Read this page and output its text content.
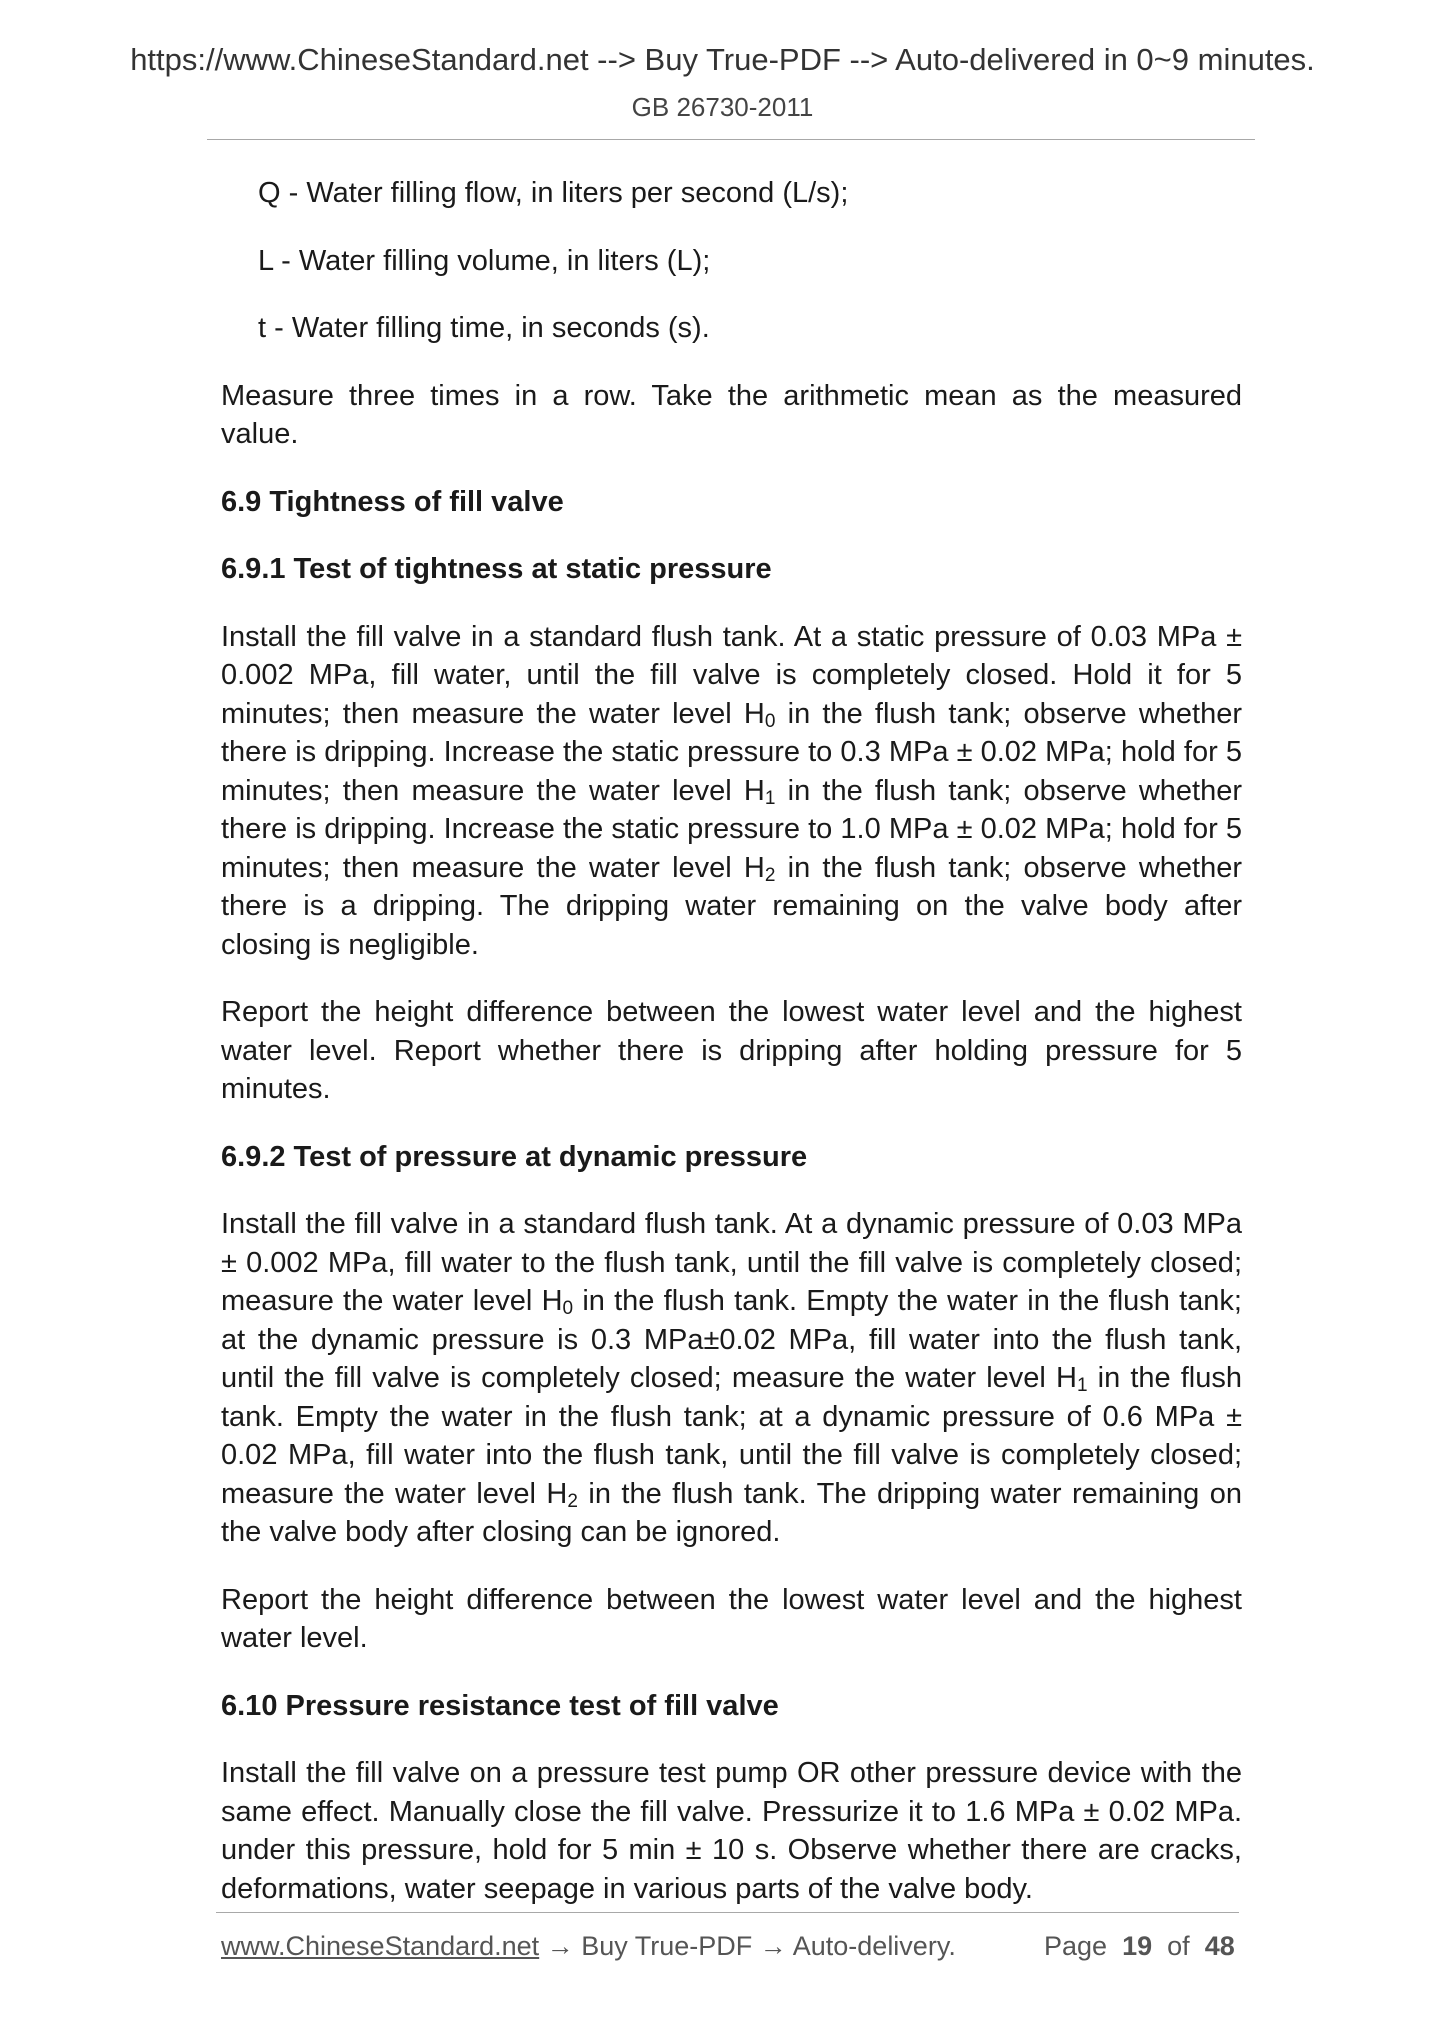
https://www.ChineseStandard.net --> Buy True-PDF --> Auto-delivered in 0~9 minutes.
GB 26730-2011

Q - Water filling flow, in liters per second (L/s);

L - Water filling volume, in liters (L);

t - Water filling time, in seconds (s).

Measure three times in a row. Take the arithmetic mean as the measured value.

6.9 Tightness of fill valve
6.9.1 Test of tightness at static pressure

Install the fill valve in a standard flush tank. At a static pressure of 0.03 MPa ± 0.002 MPa, fill water, until the fill valve is completely closed. Hold it for 5 minutes; then measure the water level $H_0$ in the flush tank; observe whether there is dripping. Increase the static pressure to 0.3 MPa ± 0.02 MPa; hold for 5 minutes; then measure the water level $H_1$ in the flush tank; observe whether there is dripping. Increase the static pressure to 1.0 MPa ± 0.02 MPa; hold for 5 minutes; then measure the water level $H_2$ in the flush tank; observe whether there is a dripping. The dripping water remaining on the valve body after closing is negligible.

Report the height difference between the lowest water level and the highest water level. Report whether there is dripping after holding pressure for 5 minutes.

6.9.2 Test of pressure at dynamic pressure

Install the fill valve in a standard flush tank. At a dynamic pressure of 0.03 MPa ± 0.002 MPa, fill water to the flush tank, until the fill valve is completely closed; measure the water level $H_0$ in the flush tank. Empty the water in the flush tank; at the dynamic pressure is 0.3 MPa±0.02 MPa, fill water into the flush tank, until the fill valve is completely closed; measure the water level $H_1$ in the flush tank. Empty the water in the flush tank; at a dynamic pressure of 0.6 MPa ± 0.02 MPa, fill water into the flush tank, until the fill valve is completely closed; measure the water level $H_2$ in the flush tank. The dripping water remaining on the valve body after closing can be ignored.

Report the height difference between the lowest water level and the highest water level.

6.10 Pressure resistance test of fill valve

Install the fill valve on a pressure test pump OR other pressure device with the same effect. Manually close the fill valve. Pressurize it to 1.6 MPa ± 0.02 MPa. under this pressure, hold for 5 min ± 10 s. Observe whether there are cracks, deformations, water seepage in various parts of the valve body.

www.ChineseStandard.net → Buy True-PDF → Auto-delivery.	Page 19 of 48
